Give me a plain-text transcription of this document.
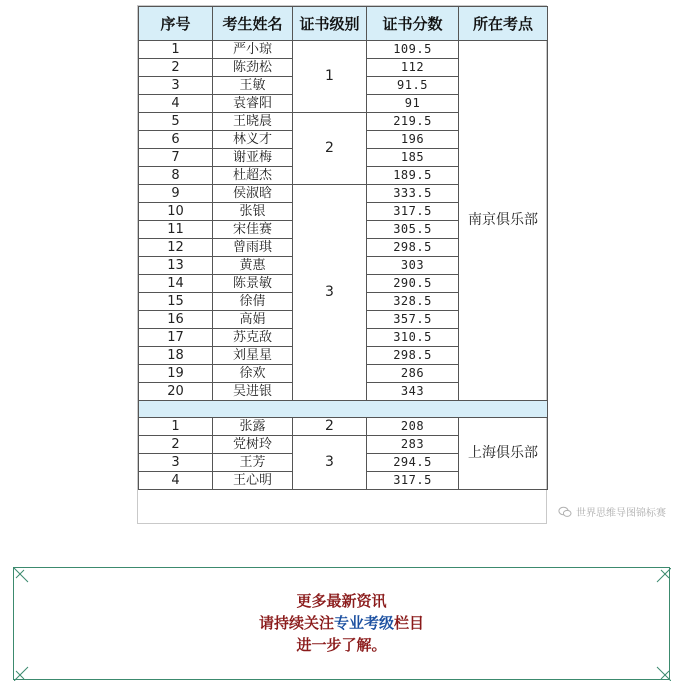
序号	考生姓名	证书级别	证书分数	所在考点
1	严小琼	1	109.5	南京俱乐部
2	陈劲松		112	
3	王敏		91.5	
4	袁睿阳		91	
5	王晓晨	2	219.5	
6	林义才		196	
7	谢亚梅		185	
8	杜超杰		189.5	
9	侯淑晗	3	333.5	
10	张银		317.5	
11	宋佳赛		305.5	
12	曾雨琪		298.5	
13	黄惠		303	
14	陈景敏		290.5	
15	徐倩		328.5	
16	高娟		357.5	
17	苏克敌		310.5	
18	刘星星		298.5	
19	徐欢		286	
20	吴进银		343	

1	张露	2	208	上海俱乐部
2	党树玲	3	283	
3	王芳		294.5	
4	王心明		317.5	
世界思维导图锦标赛
更多最新资讯
请持续关注专业考级栏目
进一步了解。
